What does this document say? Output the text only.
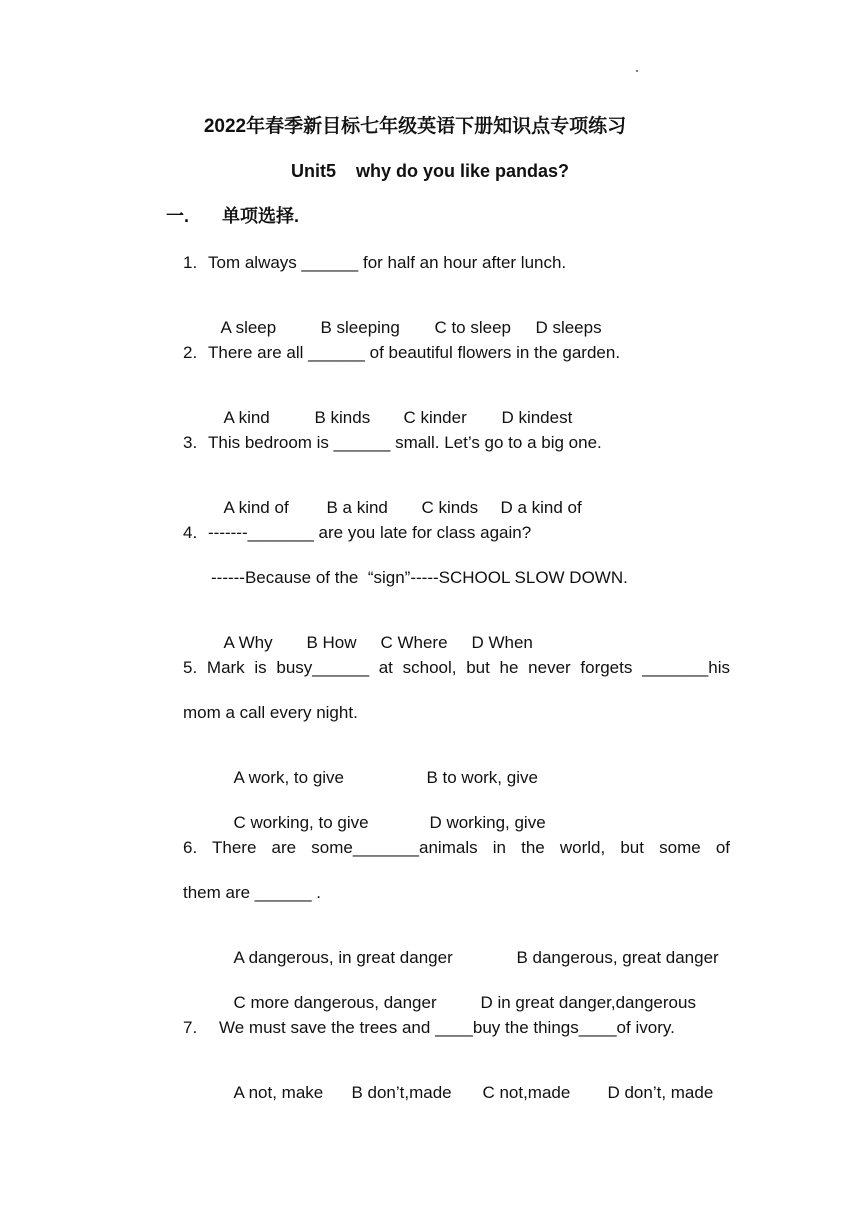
2022年春季新目标七年级英语下册知识点专项练习
Unit5    why do you like pandas?
一. 单项选择.
1. Tom always ______ for half an hour after lunch.

A sleep	B sleeping C to sleep D sleeps

2. There are all ______ of beautiful flowers in the garden.

A kind	B kinds C kinder D kindest

3. This bedroom is ______ small. Let’s go to a big one.

A kind of B a kind C kinds D a kind of

4. -------_______ are you late for class again?
------Because of the  “sign”-----SCHOOL SLOW DOWN.

A Why B How C Where D When

5. Mark is busy______ at school, but he never forgets _______his
mom a call every night.

A work, to give	B to work, give

C working, to give	D working, give

6. There are some_______animals in the world, but some of
them are ______ .

A dangerous, in great danger	B dangerous, great danger

C more dangerous, danger	D in great danger,dangerous

7. We must save the trees and ____buy the things____of ivory.

A not, make B don’t,made C not,made D don’t, made
